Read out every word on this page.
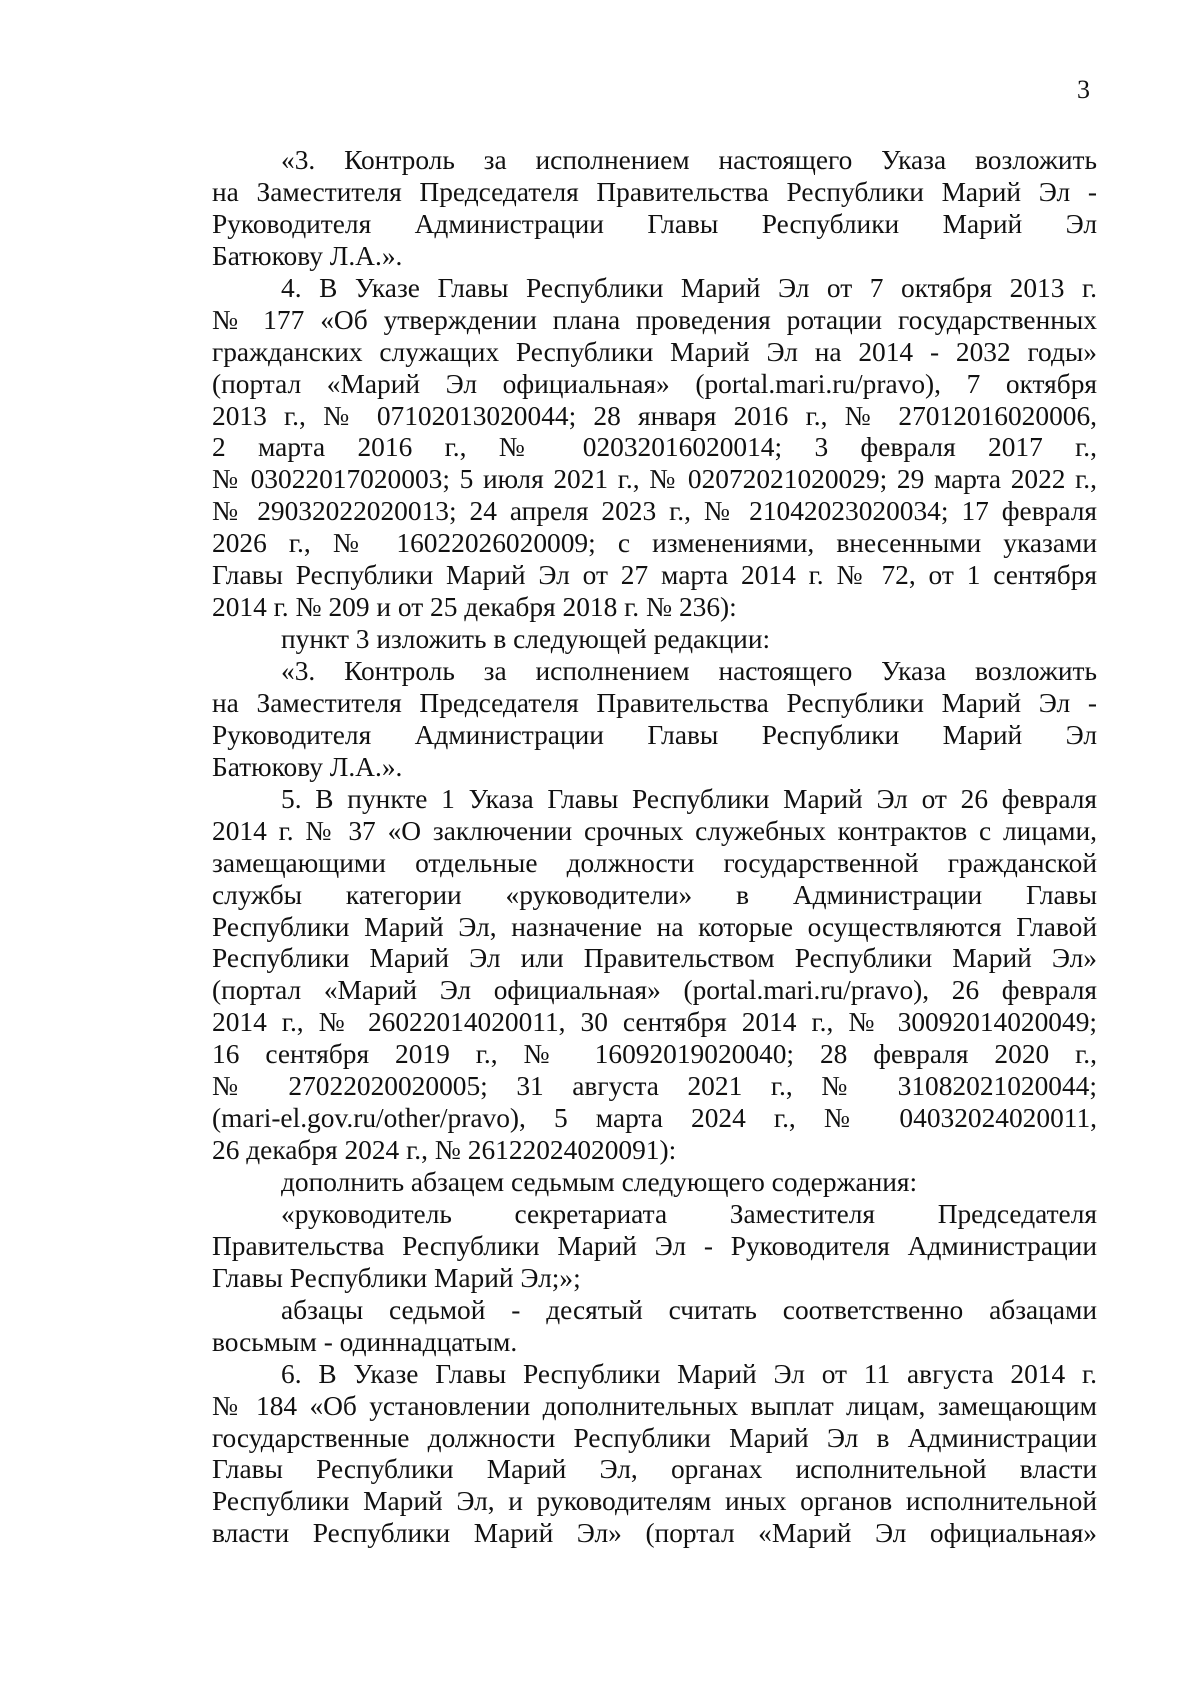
3
«3. Контроль за исполнением настоящего Указа возложить
на Заместителя Председателя Правительства Республики Марий Эл -
Руководителя Администрации Главы Республики Марий Эл
Батюкову Л.А.».
4. В Указе Главы Республики Марий Эл от 7 октября 2013 г.
№ 177 «Об утверждении плана проведения ротации государственных
гражданских служащих Республики Марий Эл на 2014 - 2032 годы»
(портал «Марий Эл официальная» (portal.mari.ru/pravo), 7 октября
2013 г., № 07102013020044; 28 января 2016 г., № 27012016020006,
2 марта 2016 г., № 02032016020014; 3 февраля 2017 г.,
№ 03022017020003; 5 июля 2021 г., № 02072021020029; 29 марта 2022 г.,
№ 29032022020013; 24 апреля 2023 г., № 21042023020034; 17 февраля
2026 г., № 16022026020009; с изменениями, внесенными указами
Главы Республики Марий Эл от 27 марта 2014 г. № 72, от 1 сентября
2014 г. № 209 и от 25 декабря 2018 г. № 236):
пункт 3 изложить в следующей редакции:
«3. Контроль за исполнением настоящего Указа возложить
на Заместителя Председателя Правительства Республики Марий Эл -
Руководителя Администрации Главы Республики Марий Эл
Батюкову Л.А.».
5. В пункте 1 Указа Главы Республики Марий Эл от 26 февраля
2014 г. № 37 «О заключении срочных служебных контрактов с лицами,
замещающими отдельные должности государственной гражданской
службы категории «руководители» в Администрации Главы
Республики Марий Эл, назначение на которые осуществляются Главой
Республики Марий Эл или Правительством Республики Марий Эл»
(портал «Марий Эл официальная» (portal.mari.ru/pravo), 26 февраля
2014 г., № 26022014020011, 30 сентября 2014 г., № 30092014020049;
16 сентября 2019 г., № 16092019020040; 28 февраля 2020 г.,
№ 27022020020005; 31 августа 2021 г., № 31082021020044;
(mari-el.gov.ru/other/pravo), 5 марта 2024 г., № 04032024020011,
26 декабря 2024 г., № 26122024020091):
дополнить абзацем седьмым следующего содержания:
«руководитель секретариата Заместителя Председателя
Правительства Республики Марий Эл - Руководителя Администрации
Главы Республики Марий Эл;»;
абзацы седьмой - десятый считать соответственно абзацами
восьмым - одиннадцатым.
6. В Указе Главы Республики Марий Эл от 11 августа 2014 г.
№ 184 «Об установлении дополнительных выплат лицам, замещающим
государственные должности Республики Марий Эл в Администрации
Главы Республики Марий Эл, органах исполнительной власти
Республики Марий Эл, и руководителям иных органов исполнительной
власти Республики Марий Эл» (портал «Марий Эл официальная»
